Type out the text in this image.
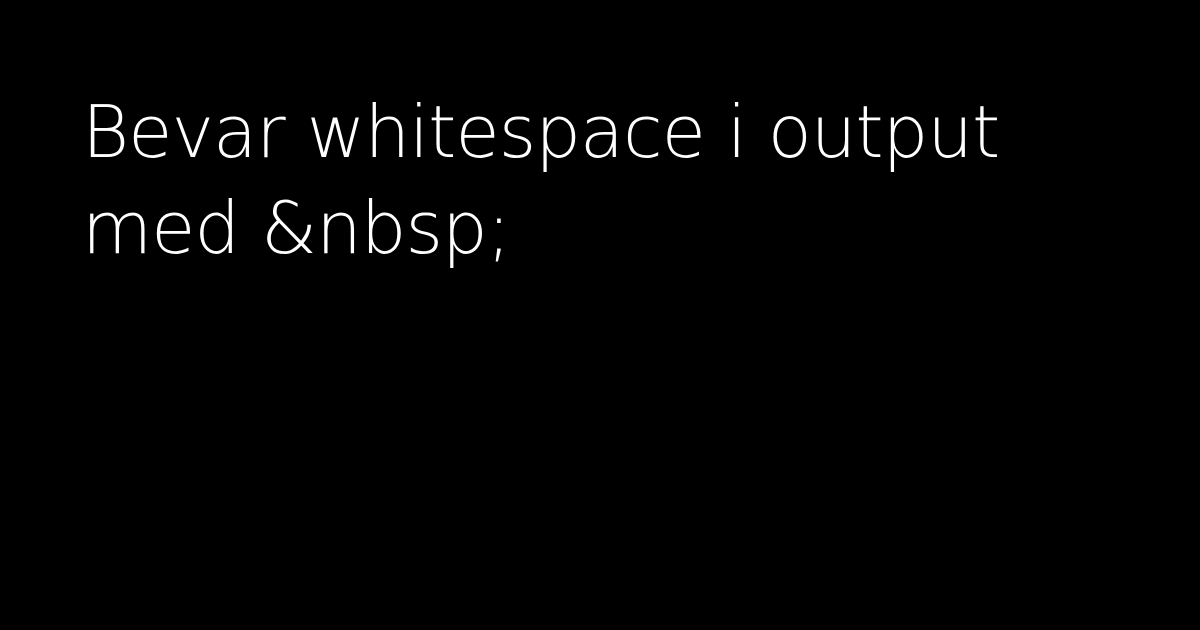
Bevar whitespace i output med &nbsp;
